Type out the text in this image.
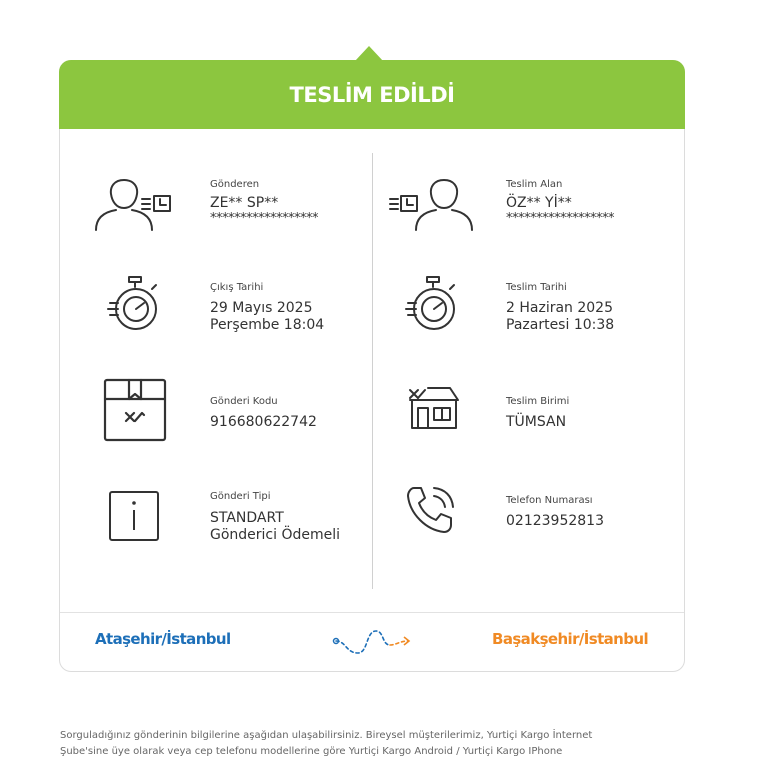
TESLİM EDİLDİ
Gönderen
ZE** SP**
******************
Teslim Alan
ÖZ** Yİ**
******************
Çıkış Tarihi
29 Mayıs 2025
Perşembe 18:04
Teslim Tarihi
2 Haziran 2025
Pazartesi 10:38
Gönderi Kodu
916680622742
Teslim Birimi
TÜMSAN
Gönderi Tipi
STANDART
Gönderici Ödemeli
Telefon Numarası
02123952813
Ataşehir/İstanbul	Başakşehir/İstanbul
Sorguladığınız gönderinin bilgilerine aşağıdan ulaşabilirsiniz. Bireysel müşterilerimiz, Yurtiçi Kargo İnternet
Şube'sine üye olarak veya cep telefonu modellerine göre Yurtiçi Kargo Android / Yurtiçi Kargo IPhone
